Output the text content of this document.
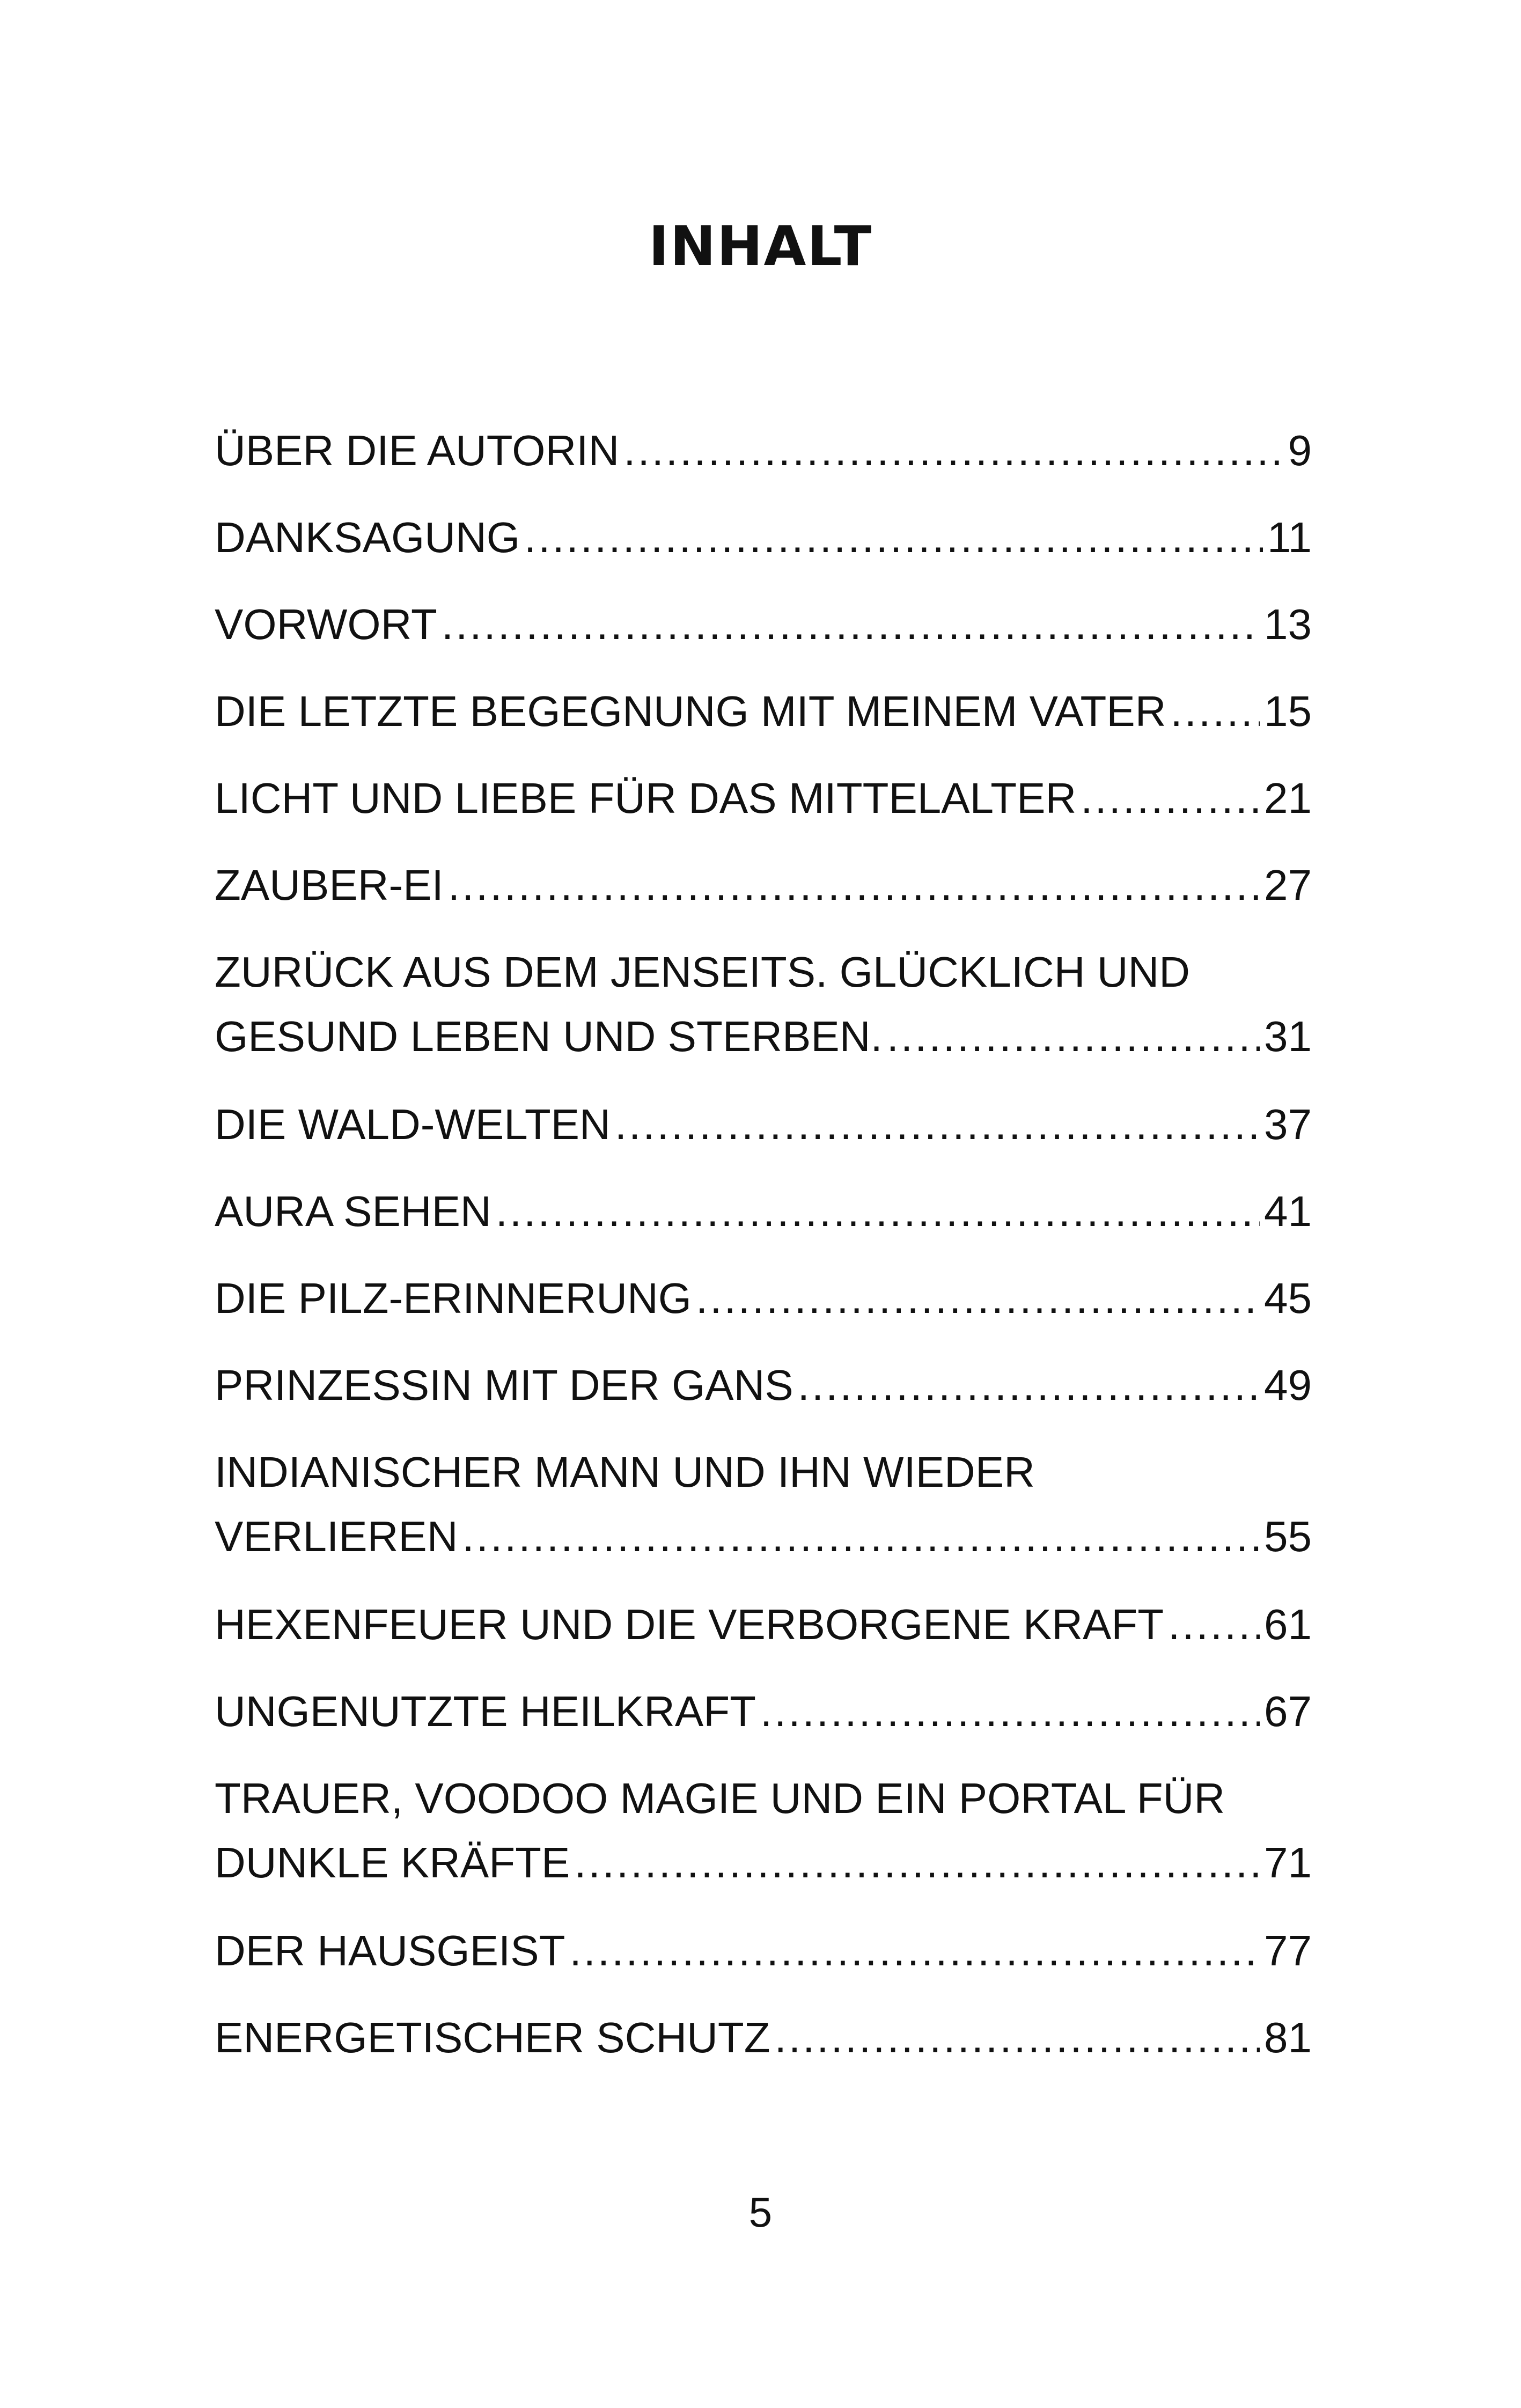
INHALT
ÜBER DIE AUTORIN .....	9
DANKSAGUNG .....	11
VORWORT .....	13
DIE LETZTE BEGEGNUNG MIT MEINEM VATER ..... 15
LICHT UND LIEBE FÜR DAS MITTELALTER .....	21
ZAUBER-EI .....	27
ZURÜCK AUS DEM JENSEITS. GLÜCKLICH UND
GESUND LEBEN UND STERBEN. .....	31
DIE WALD-WELTEN .....	37
AURA SEHEN .....	41
DIE PILZ-ERINNERUNG .....	45
PRINZESSIN MIT DER GANS .....	49
INDIANISCHER MANN UND IHN WIEDER
VERLIEREN .....	55
HEXENFEUER UND DIE VERBORGENE KRAFT ..... 61
UNGENUTZTE HEILKRAFT .....	67
TRAUER, VOODOO MAGIE UND EIN PORTAL FÜR
DUNKLE KRÄFTE .....	71
DER HAUSGEIST .....	77
ENERGETISCHER SCHUTZ .....	81
5
